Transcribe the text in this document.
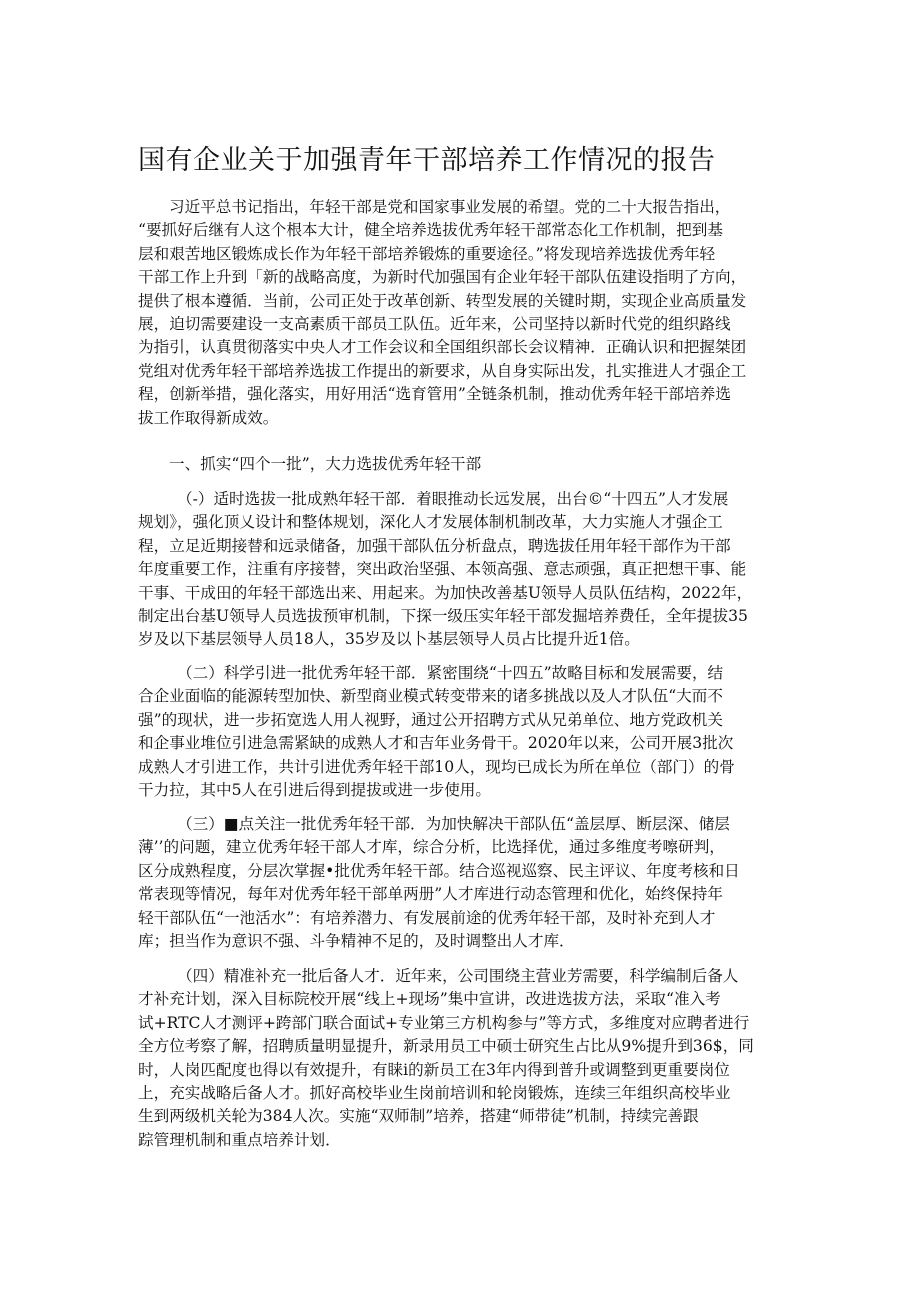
国有企业关于加强青年干部培养工作情况的报告
习近平总书记指出，年轻干部是党和国家事业发展的希望。党的二十大报告指出，
“要抓好后继有人这个根本大计，健全培养选拔优秀年轻干部常态化工作机制，把到基
层和艰苦地区锻炼成长作为年轻干部培养锻炼的重要途径。”将发现培养选拔优秀年轻
干部工作上升到「新的战略高度，为新时代加强国有企业年轻干部队伍建设指明了方向，
提供了根本遵循．当前，公司正处于改革创新、转型发展的关键时期，实现企业高质量发
展，迫切需要建设一支高素质干部员工队伍。近年来，公司坚持以新时代党的组织路线
为指引，认真贯彻落实中央人才工作会议和全国组织部长会议精神．正确认识和把握桀团
党组对优秀年轻干部培养选拔工作提出的新要求，从自身实际出发，扎实推进人才强企工
程，创新举措，强化落实，用好用活“选育管用”全链条机制，推动优秀年轻干部培养选
拔工作取得新成效。
一、抓实“四个一批”，大力选拔优秀年轻干部
（-）适时选拔一批成熟年轻干部．着眼推动长远发展，出台©“十四五”人才发展
规划》，强化顶乂设计和整体规划，深化人才发展体制机制改革，大力实施人才强企工
程，立足近期接替和远录储备，加强干部队伍分析盘点，聘选拔任用年轻干部作为干部
年度重要工作，注重有序接替，突出政治坚强、本领高强、意志顽强，真正把想干事、能
干事、干成田的年轻干部选出来、用起来。为加快改善基U领导人员队伍结构，2022年，
制定出台基U领导人员选拔预审机制，下探一级压实年轻干部发掘培养费任，全年提拔35
岁及以下基层领导人员18人，35岁及以卜基层领导人员占比提升近1倍。
（二）科学引进一批优秀年轻干部．紧密围绕“十四五”故略目标和发展需要，结
合企业面临的能源转型加快、新型商业模式转变带来的诸多挑战以及人才队伍“大而不
强”的现状，进一步拓宽选人用人视野，通过公开招聘方式从兄弟单位、地方党政机关
和企事业堆位引进急需紧缺的成熟人才和吉年业务骨干。2020年以来，公司开展3批次
成熟人才引进工作，共计引进优秀年轻干部10人，现均已成长为所在单位（部门）的骨
干力拉，其中5人在引进后得到提拔或进一步使用。
（三）■点关注一批优秀年轻干部．为加快解决干部队伍“盖层厚、断层深、储层
薄’’的问题，建立优秀年轻干部人才库，综合分析，比选择优，通过多维度考嚓研判，
区分成熟程度，分层次掌握•批优秀年轻干部。结合巡视巡察、民主评议、年度考核和日
常表现等情况，每年对优秀年轻干部单两册”人才库进行动态管理和优化，始终保持年
轻干部队伍“一池活水”：有培养潜力、有发展前途的优秀年轻干部，及时补充到人才
库；担当作为意识不强、斗争精神不足的，及时调整出人才库．
（四）精准补充一批后备人才．近年来，公司围绕主营业芳需要，科学编制后备人
才补充计划，深入目标院校开展“线上+现场”集中宣讲，改进选拔方法，采取“准入考
试+RTC人才测评+跨部门联合面试+专业第三方机构参与”等方式，多维度对应聘者进行
全方位考察了解，招聘质量明显提升，新录用员工中硕士研究生占比从9%提升到36$，同
时，人岗匹配度也得以有效提升，有睐i的新员工在3年内得到普升或调整到更重要岗位
上，充实战略后备人才。抓好高校毕业生岗前培训和轮岗锻炼，连续三年组织高校毕业
生到两级机关轮为384人次。实施“双师制”培养，搭建“师带徒”机制，持续完善跟
踪管理机制和重点培养计划．
